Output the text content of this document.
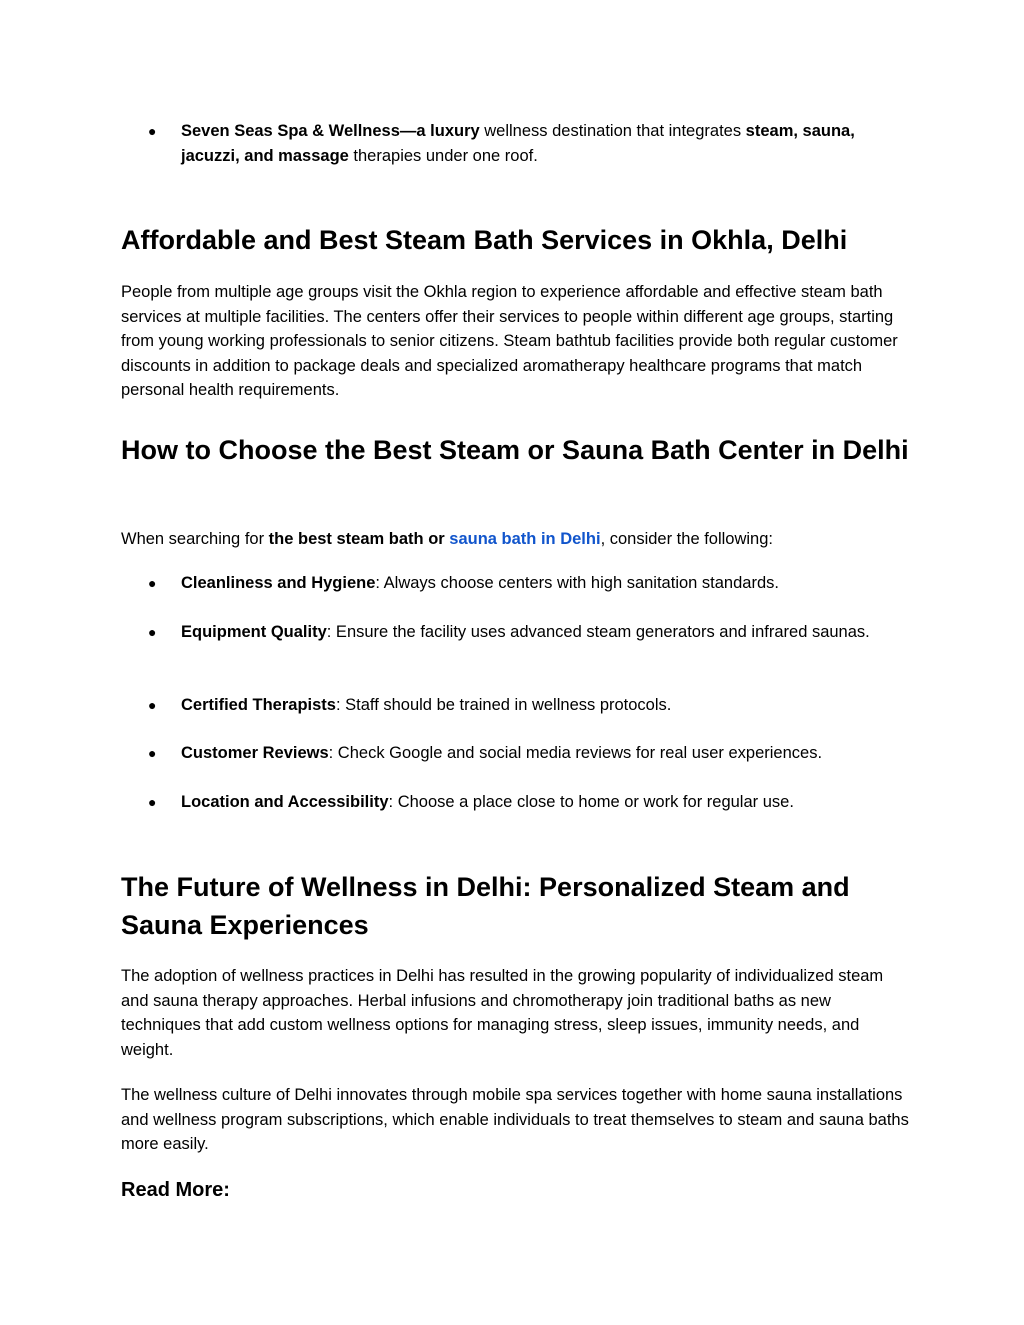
● Seven Seas Spa & Wellness—a luxury wellness destination that integrates steam, sauna, jacuzzi, and massage therapies under one roof.
Affordable and Best Steam Bath Services in Okhla, Delhi

People from multiple age groups visit the Okhla region to experience affordable and effective steam bath services at multiple facilities. The centers offer their services to people within different age groups, starting from young working professionals to senior citizens. Steam bathtub facilities provide both regular customer discounts in addition to package deals and specialized aromatherapy healthcare programs that match personal health requirements.

How to Choose the Best Steam or Sauna Bath Center in Delhi

When searching for the best steam bath or sauna bath in Delhi, consider the following:

● Cleanliness and Hygiene: Always choose centers with high sanitation standards.
● Equipment Quality: Ensure the facility uses advanced steam generators and infrared saunas.
● Certified Therapists: Staff should be trained in wellness protocols.
● Customer Reviews: Check Google and social media reviews for real user experiences.
● Location and Accessibility: Choose a place close to home or work for regular use.
The Future of Wellness in Delhi: Personalized Steam and Sauna Experiences

The adoption of wellness practices in Delhi has resulted in the growing popularity of individualized steam and sauna therapy approaches. Herbal infusions and chromotherapy join traditional baths as new techniques that add custom wellness options for managing stress, sleep issues, immunity needs, and weight.

The wellness culture of Delhi innovates through mobile spa services together with home sauna installations and wellness program subscriptions, which enable individuals to treat themselves to steam and sauna baths more easily.

Read More:
